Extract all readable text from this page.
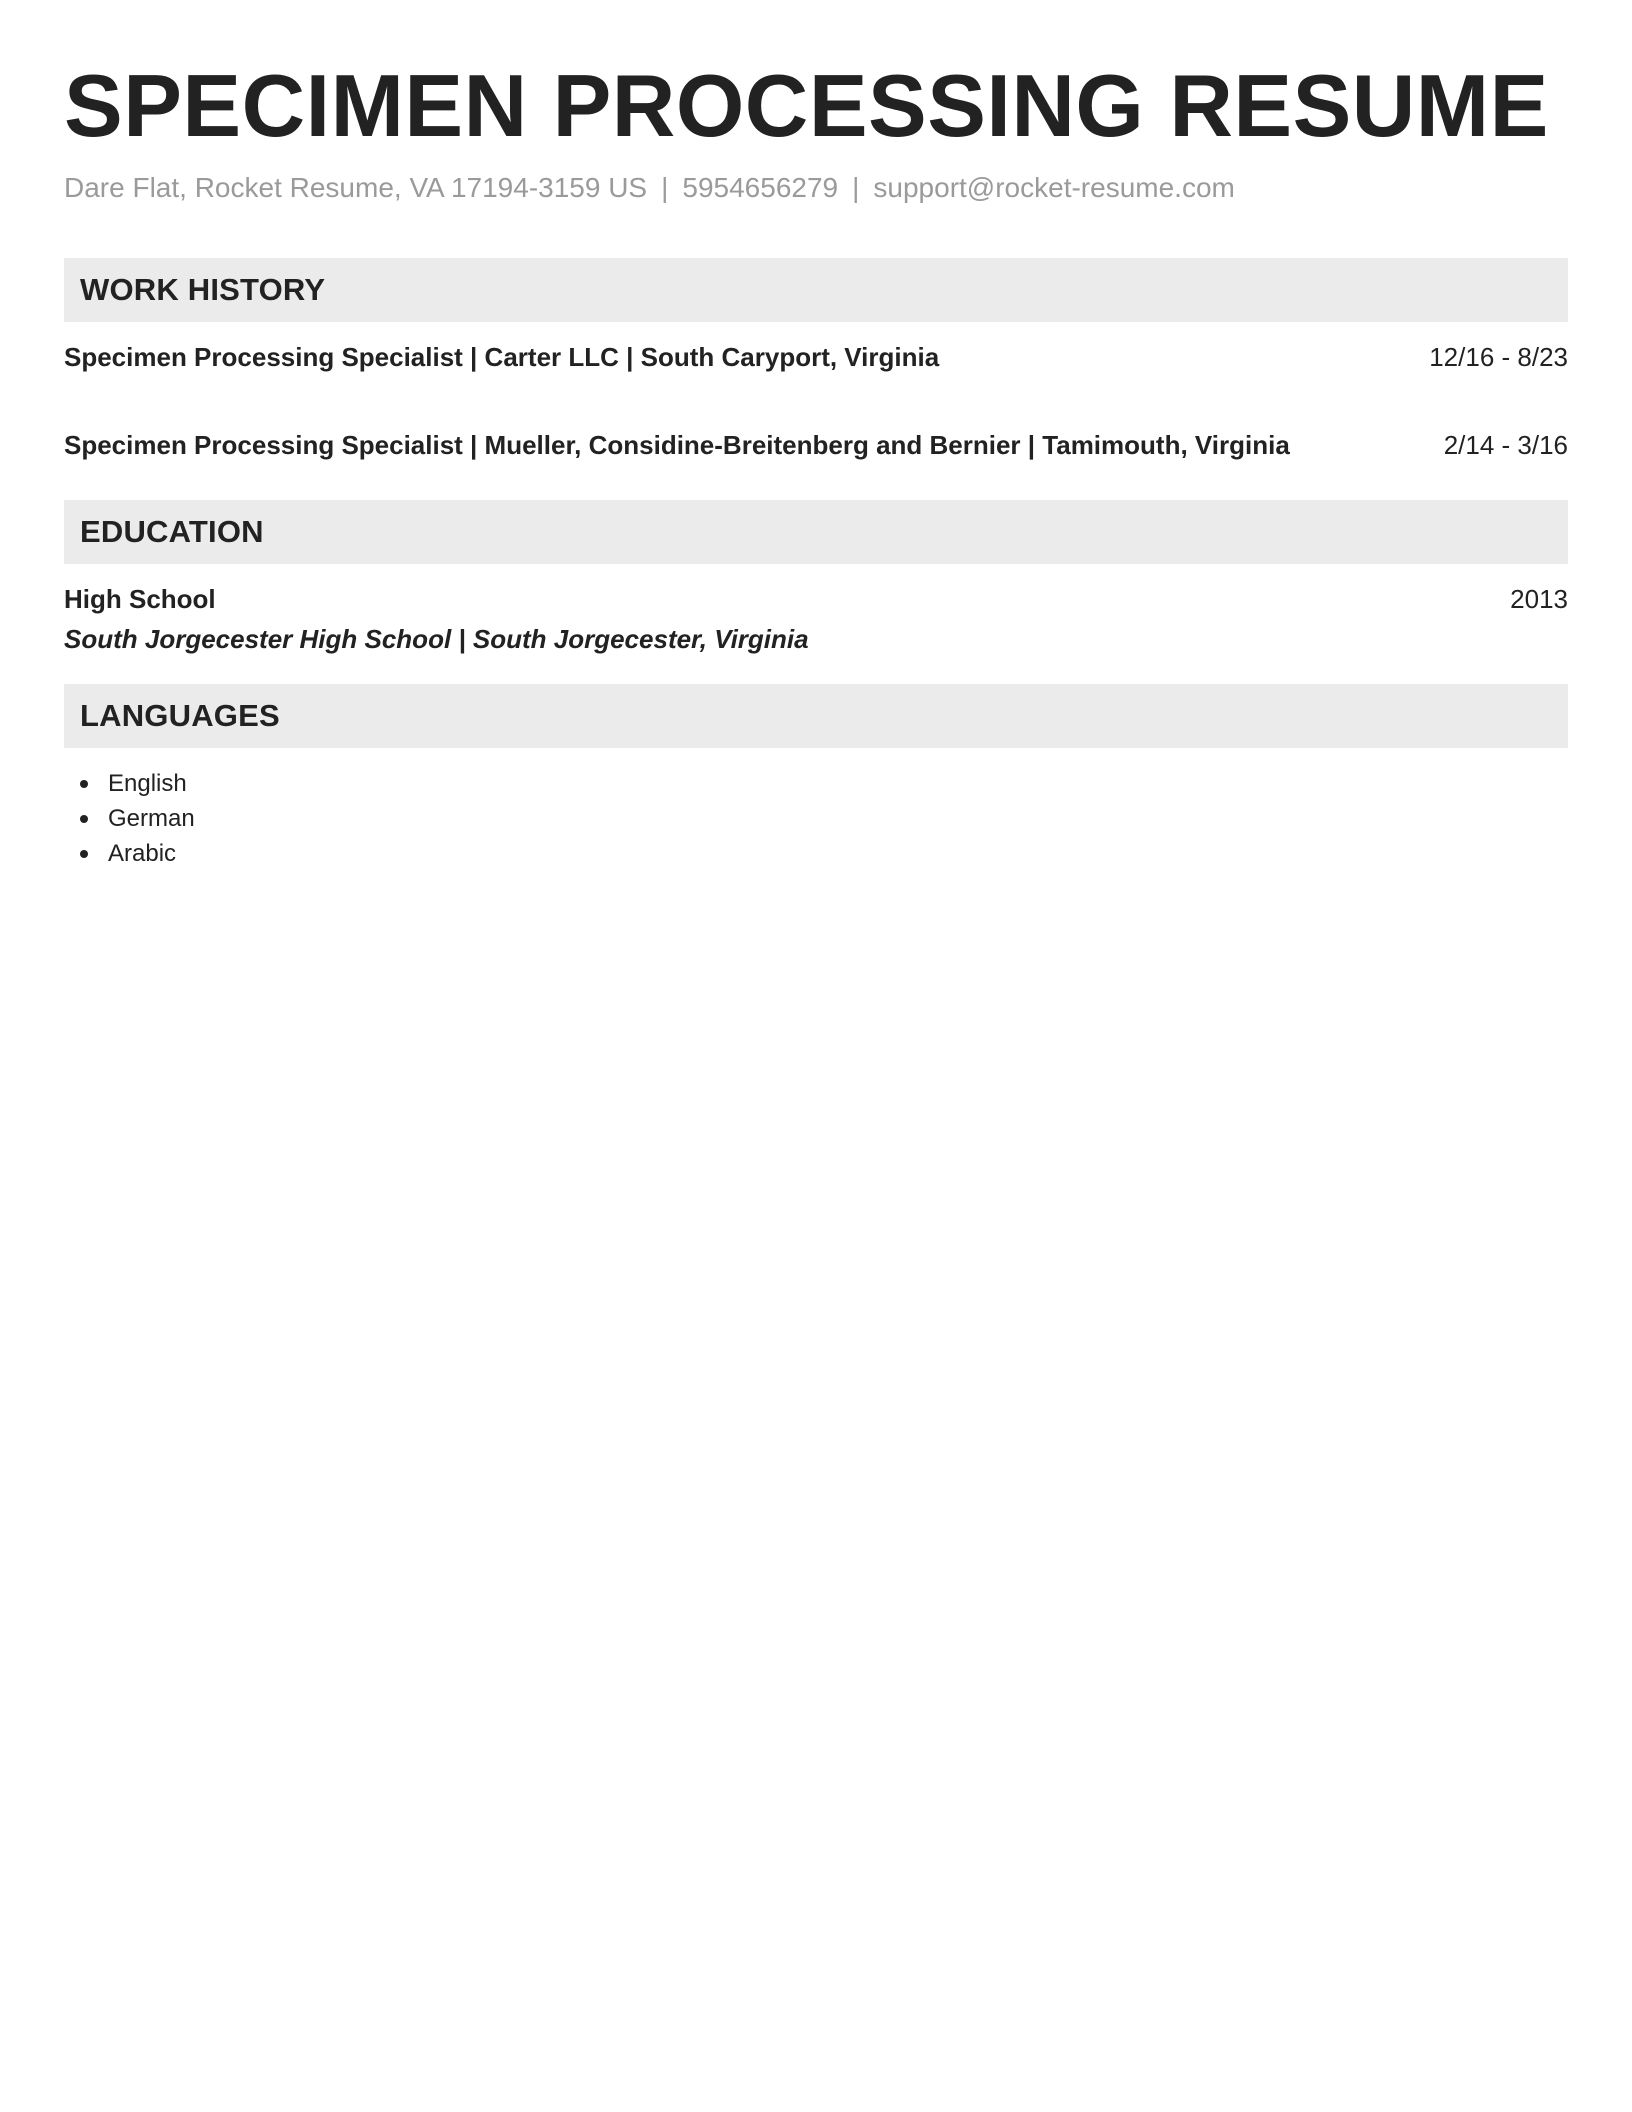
SPECIMEN PROCESSING RESUME
Dare Flat, Rocket Resume, VA 17194-3159 US | 5954656279 | support@rocket-resume.com
WORK HISTORY
Specimen Processing Specialist | Carter LLC | South Caryport, Virginia	12/16 - 8/23
Specimen Processing Specialist | Mueller, Considine-Breitenberg and Bernier | Tamimouth, Virginia	2/14 - 3/16
EDUCATION
High School	2013
South Jorgecester High School | South Jorgecester, Virginia
LANGUAGES
English
German
Arabic
